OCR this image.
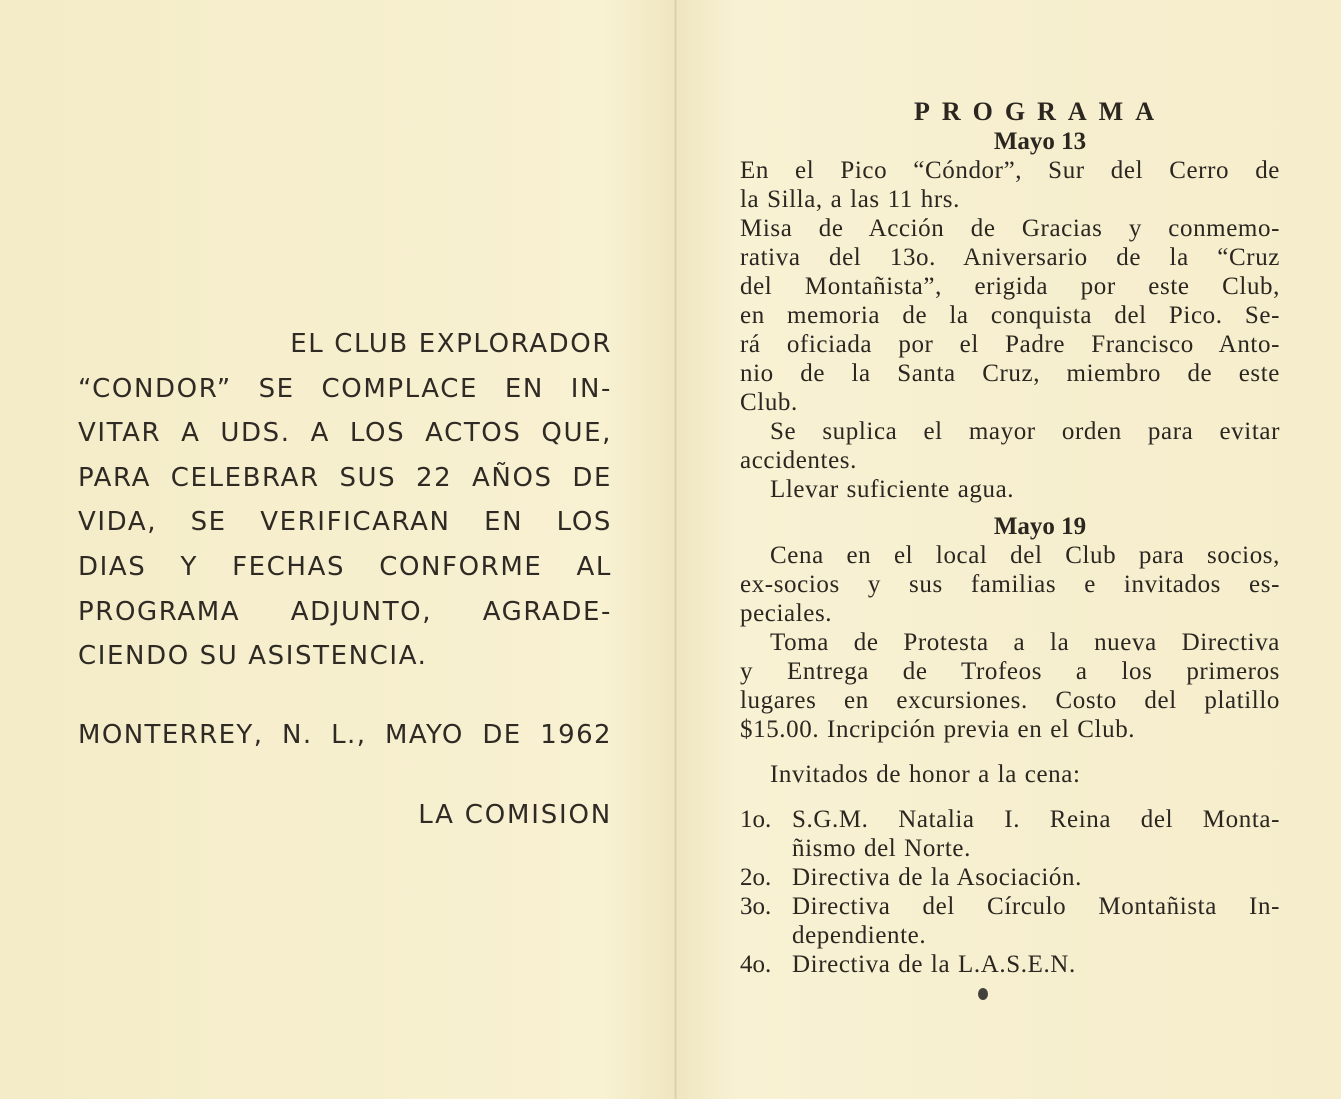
EL CLUB EXPLORADOR
“CONDOR” SE COMPLACE EN IN-
VITAR A UDS. A LOS ACTOS QUE,
PARA CELEBRAR SUS 22 AÑOS DE
VIDA, SE VERIFICARAN EN LOS
DIAS Y FECHAS CONFORME AL
PROGRAMA ADJUNTO, AGRADE-
CIENDO SU ASISTENCIA.
MONTERREY, N. L., MAYO DE 1962
LA COMISION
PROGRAMA
Mayo 13
En el Pico “Cóndor”, Sur del Cerro de
la Silla, a las 11 hrs.
Misa de Acción de Gracias y conmemo-
rativa del 13o. Aniversario de la “Cruz
del Montañista”, erigida por este Club,
en memoria de la conquista del Pico. Se-
rá oficiada por el Padre Francisco Anto-
nio de la Santa Cruz, miembro de este
Club.
Se suplica el mayor orden para evitar
accidentes.
Llevar suficiente agua.
Mayo 19
Cena en el local del Club para socios,
ex-socios y sus familias e invitados es-
peciales.
Toma de Protesta a la nueva Directiva
y Entrega de Trofeos a los primeros
lugares en excursiones. Costo del platillo
$15.00. Incripción previa en el Club.
Invitados de honor a la cena:
1o. S.G.M. Natalia I. Reina del Monta-
ñismo del Norte.
2o. Directiva de la Asociación.
3o. Directiva del Círculo Montañista In-
dependiente.
4o. Directiva de la L.A.S.E.N.
